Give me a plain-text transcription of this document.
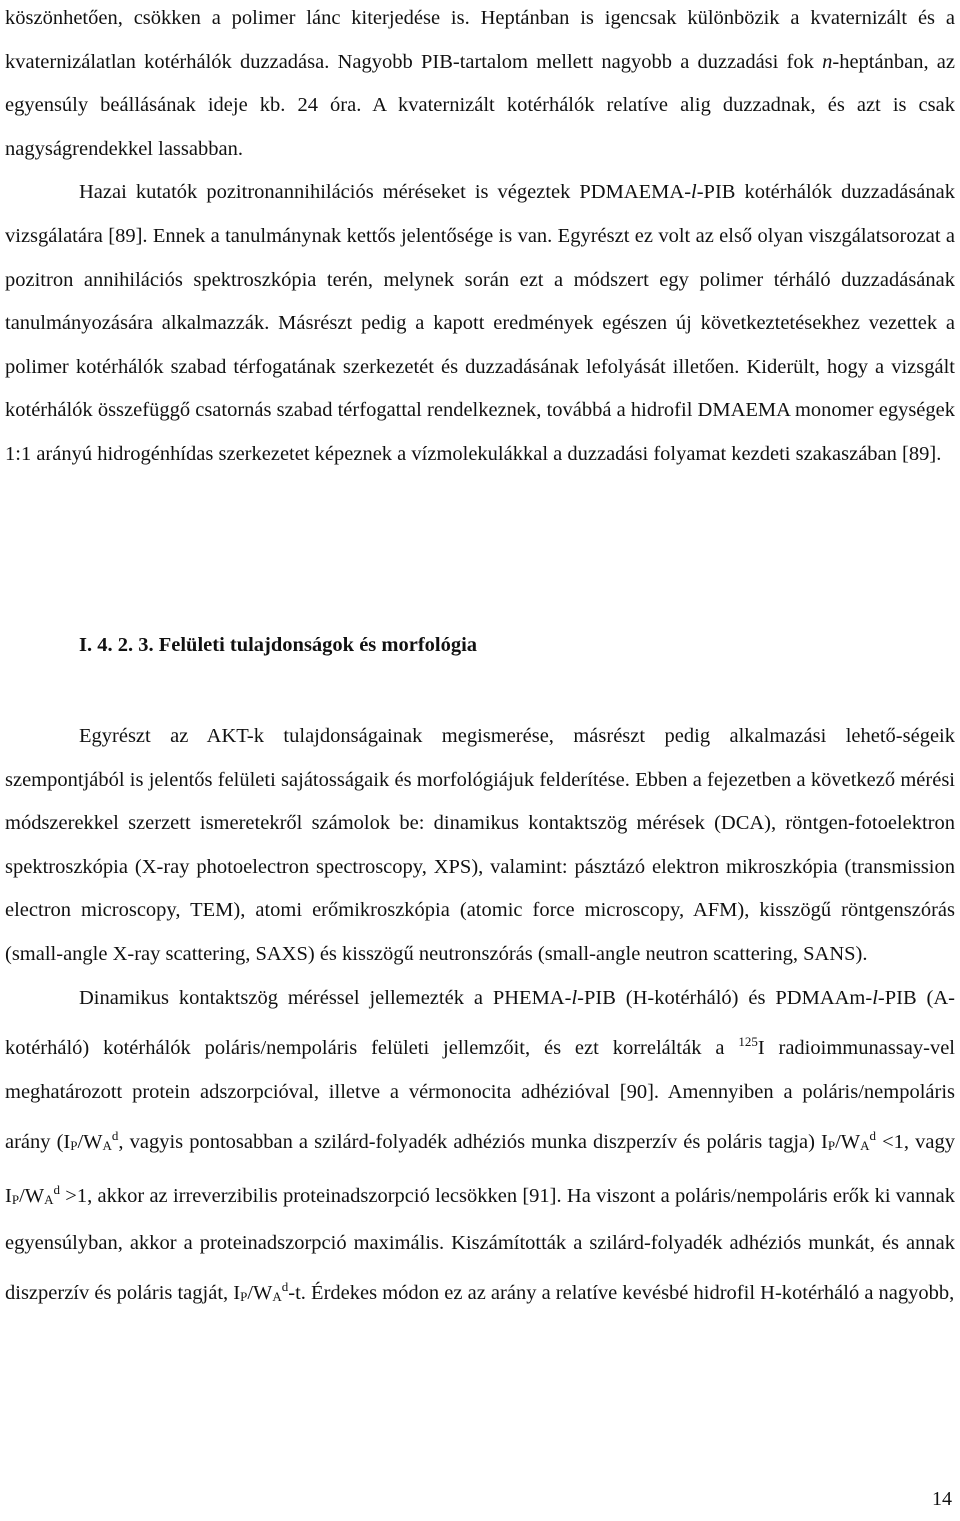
köszönhetően, csökken a polimer lánc kiterjedése is. Heptánban is igencsak különbözik a kvaternizált és a kvaternizálatlan kotérhálók duzzadása. Nagyobb PIB-tartalom mellett nagyobb a duzzadási fok n-heptánban, az egyensúly beállásának ideje kb. 24 óra. A kvaternizált kotérhálók relatíve alig duzzadnak, és azt is csak nagyságrendekkel lassabban.

Hazai kutatók pozitronannihilációs méréseket is végeztek PDMAEMA-l-PIB kotérhálók duzzadásának vizsgálatára [89]. Ennek a tanulmánynak kettős jelentősége is van. Egyrészt ez volt az első olyan viszgálatsorozat a pozitron annihilációs spektroszkópia terén, melynek során ezt a módszert egy polimer térháló duzzadásának tanulmányozására alkalmazzák. Másrészt pedig a kapott eredmények egészen új következtetésekhez vezettek a polimer kotérhálók szabad térfogatának szerkezetét és duzzadásának lefolyását illetően. Kiderült, hogy a vizsgált kotérhálók összefüggő csatornás szabad térfogattal rendelkeznek, továbbá a hidrofil DMAEMA monomer egységek 1:1 arányú hidrogénhídas szerkezetet képeznek a vízmolekulákkal a duzzadási folyamat kezdeti szakaszában [89].

I. 4. 2. 3. Felületi tulajdonságok és morfológia

Egyrészt az AKT-k tulajdonságainak megismerése, másrészt pedig alkalmazási lehető-ségeik szempontjából is jelentős felületi sajátosságaik és morfológiájuk felderítése. Ebben a fejezetben a következő mérési módszerekkel szerzett ismeretekről számolok be: dinamikus kontaktszög mérések (DCA), röntgen-fotoelektron spektroszkópia (X-ray photoelectron spectroscopy, XPS), valamint: pásztázó elektron mikroszkópia (transmission electron microscopy, TEM), atomi erőmikroszkópia (atomic force microscopy, AFM), kisszögű röntgenszórás (small-angle X-ray scattering, SAXS) és kisszögű neutronszórás (small-angle neutron scattering, SANS).

Dinamikus kontaktszög méréssel jellemezték a PHEMA-l-PIB (H-kotérháló) és PDMAAm-l-PIB (A-kotérháló) kotérhálók poláris/nempoláris felületi jellemzőit, és ezt korrelálták a $^{125}$I radioimmunassay-vel meghatározott protein adszorpcióval, illetve a vérmonocita adhézióval [90]. Amennyiben a poláris/nempoláris arány ($IP/WA^d$, vagyis pontosabban a szilárd-folyadék adhéziós munka diszperzív és poláris tagja) $IP/WA^d <1$, vagy $IP/WA^d >1$, akkor az irreverzibilis proteinadszorpció lecsökken [91]. Ha viszont a poláris/nempoláris erők ki vannak egyensúlyban, akkor a proteinadszorpció maximális. Kiszámították a szilárd-folyadék adhéziós munkát, és annak diszperzív és poláris tagját, $IP/WA^d-t$. Érdekes módon ez az arány a relatíve kevésbé hidrofil H-kotérháló a nagyobb,

14
